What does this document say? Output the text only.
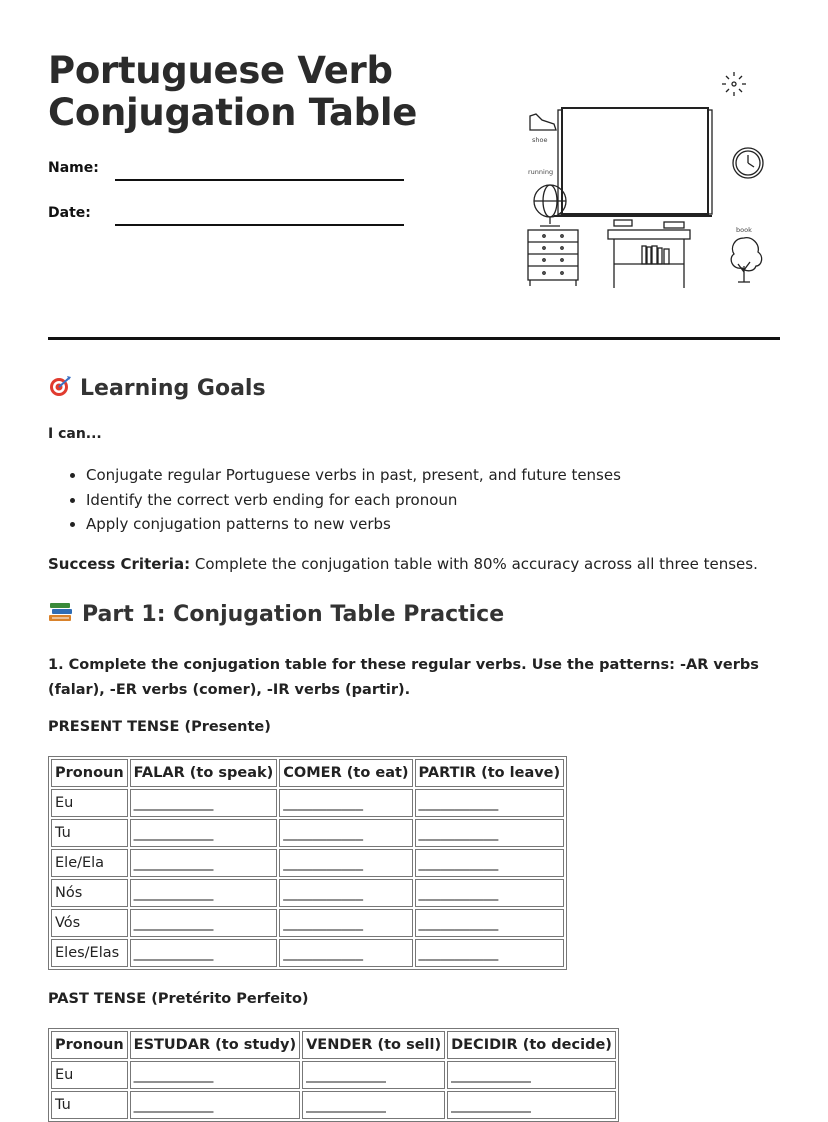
Portuguese Verb
Conjugation Table
Name:
Date:
shoe
running
book
Learning Goals
I can...
• Conjugate regular Portuguese verbs in past, present, and future tenses
• Identify the correct verb ending for each pronoun
• Apply conjugation patterns to new verbs
Success Criteria: Complete the conjugation table with 80% accuracy across all three tenses.
Part 1: Conjugation Table Practice
1. Complete the conjugation table for these regular verbs. Use the patterns: -AR verbs (falar), -ER verbs (comer), -IR verbs (partir).
PRESENT TENSE (Presente)
Pronoun	FALAR (to speak)	COMER (to eat)	PARTIR (to leave)
Eu	___________	___________	___________
Tu	___________	___________	___________
Ele/Ela	___________	___________	___________
Nós	___________	___________	___________
Vós	___________	___________	___________
Eles/Elas	___________	___________	___________
PAST TENSE (Pretérito Perfeito)
Pronoun	ESTUDAR (to study)	VENDER (to sell)	DECIDIR (to decide)
Eu	___________	___________	___________
Tu	___________	___________	___________
